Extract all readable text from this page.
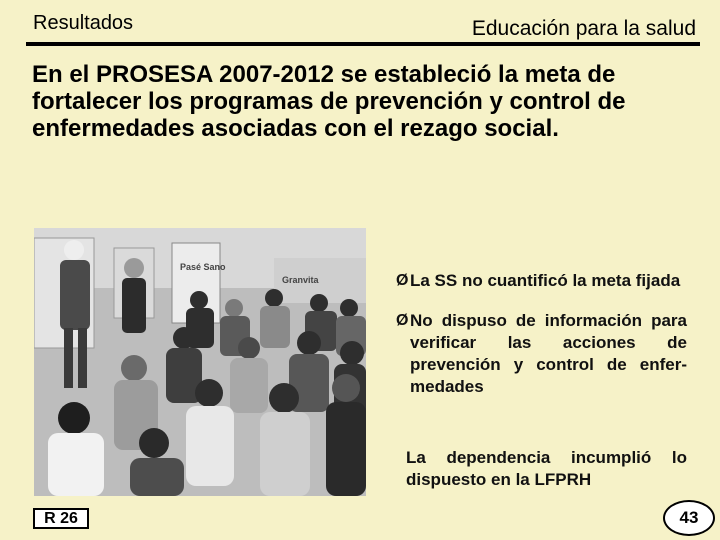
Resultados	Educación para la salud
En el PROSESA 2007-2012 se estableció la meta de fortalecer los programas de prevención y control de enfermedades asociadas con el rezago social.
Pasé Sano
Granvita	Ø La SS no cuantificó la meta fijada
Ø No dispuso de información para verificar las acciones de prevención y control de enfer-medades
La dependencia incumplió lo dispuesto en la LFPRH
R 26	43
